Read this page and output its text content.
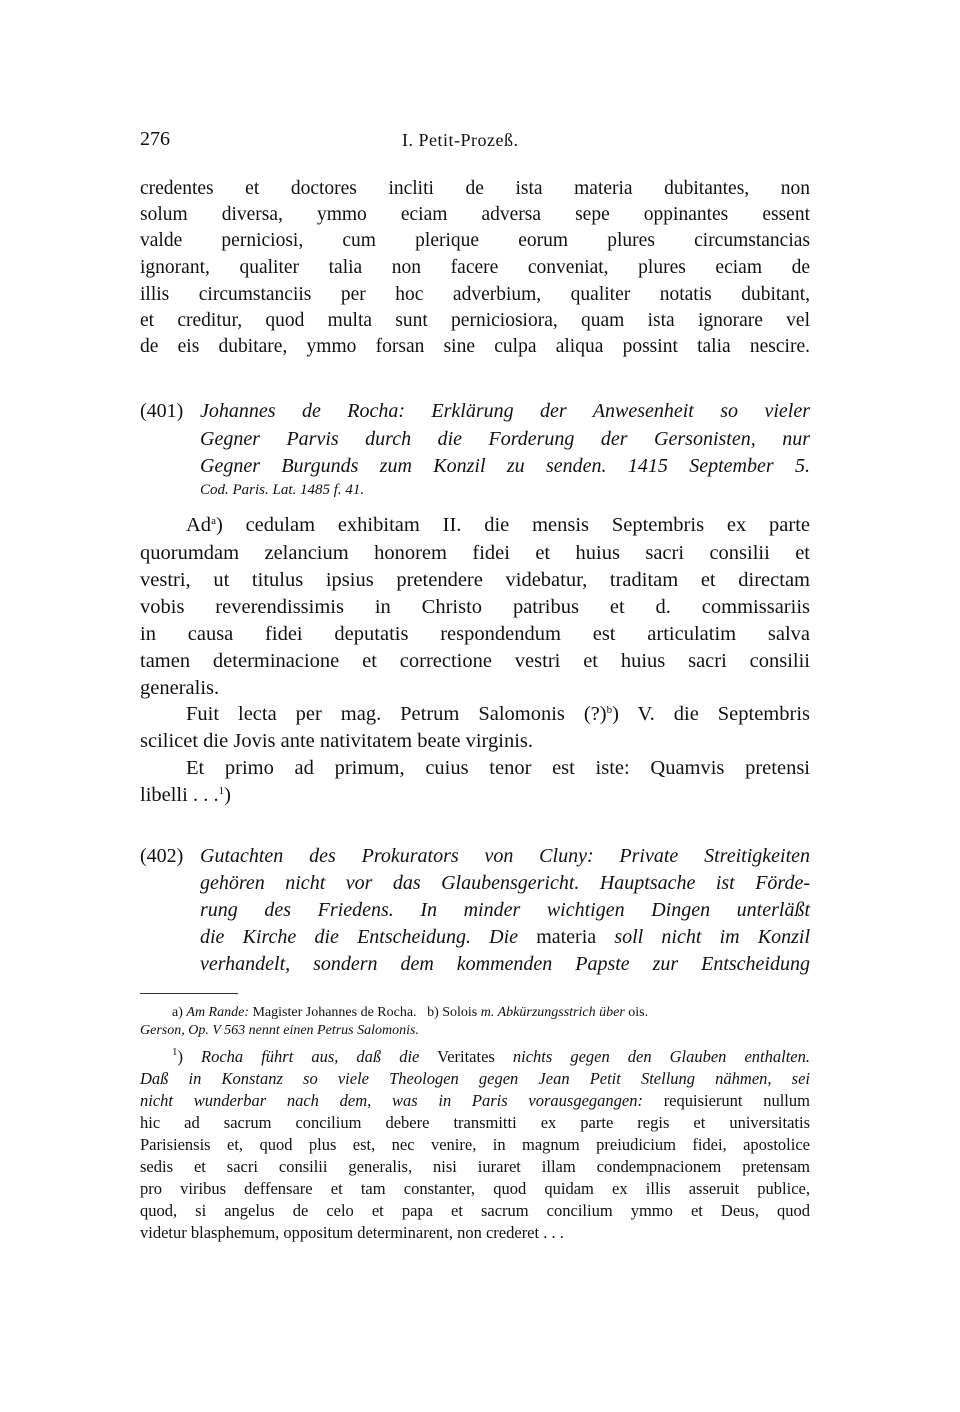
276	I. Petit-Prozeß.
credentes et doctores incliti de ista materia dubitantes, non
solum diversa, ymmo eciam adversa sepe oppinantes essent
valde perniciosi, cum plerique eorum plures circumstancias
ignorant, qualiter talia non facere conveniat, plures eciam de
illis circumstanciis per hoc adverbium, qualiter notatis dubitant,
et creditur, quod multa sunt perniciosiora, quam ista ignorare vel
de eis dubitare, ymmo forsan sine culpa aliqua possint talia nescire.
(401) Johannes de Rocha: Erklärung der Anwesenheit so vieler
Gegner Parvis durch die Forderung der Gersonisten, nur
Gegner Burgunds zum Konzil zu senden. 1415 September 5.
Cod. Paris. Lat. 1485 f. 41.
Ad$^a$) cedulam exhibitam II. die mensis Septembris ex parte
quorumdam zelancium honorem fidei et huius sacri consilii et
vestri, ut titulus ipsius pretendere videbatur, traditam et directam
vobis reverendissimis in Christo patribus et d. commissariis
in causa fidei deputatis respondendum est articulatim salva
tamen determinacione et correctione vestri et huius sacri consilii
generalis.
Fuit lecta per mag. Petrum Salomonis (?)$^b$) V. die Septembris
scilicet die Jovis ante nativitatem beate virginis.
Et primo ad primum, cuius tenor est iste: Quamvis pretensi
libelli . . .$^1$)
(402) Gutachten des Prokurators von Cluny: Private Streitigkeiten
gehören nicht vor das Glaubensgericht. Hauptsache ist Förde-
rung des Friedens. In minder wichtigen Dingen unterläßt
die Kirche die Entscheidung. Die materia soll nicht im Konzil
verhandelt, sondern dem kommenden Papste zur Entscheidung
a) Am Rande: Magister Johannes de Rocha. b) Solois m. Abkürzungsstrich über ois.
Gerson, Op. V 563 nennt einen Petrus Salomonis.
$^1$) Rocha führt aus, daß die Veritates nichts gegen den Glauben enthalten.
Daß in Konstanz so viele Theologen gegen Jean Petit Stellung nähmen, sei
nicht wunderbar nach dem, was in Paris vorausgegangen: requisierunt nullum
hic ad sacrum concilium debere transmitti ex parte regis et universitatis
Parisiensis et, quod plus est, nec venire, in magnum preiudicium fidei, apostolice
sedis et sacri consilii generalis, nisi iuraret illam condempnacionem pretensam
pro viribus deffensare et tam constanter, quod quidam ex illis asseruit publice,
quod, si angelus de celo et papa et sacrum concilium ymmo et Deus, quod
videtur blasphemum, oppositum determinarent, non crederet . . .
